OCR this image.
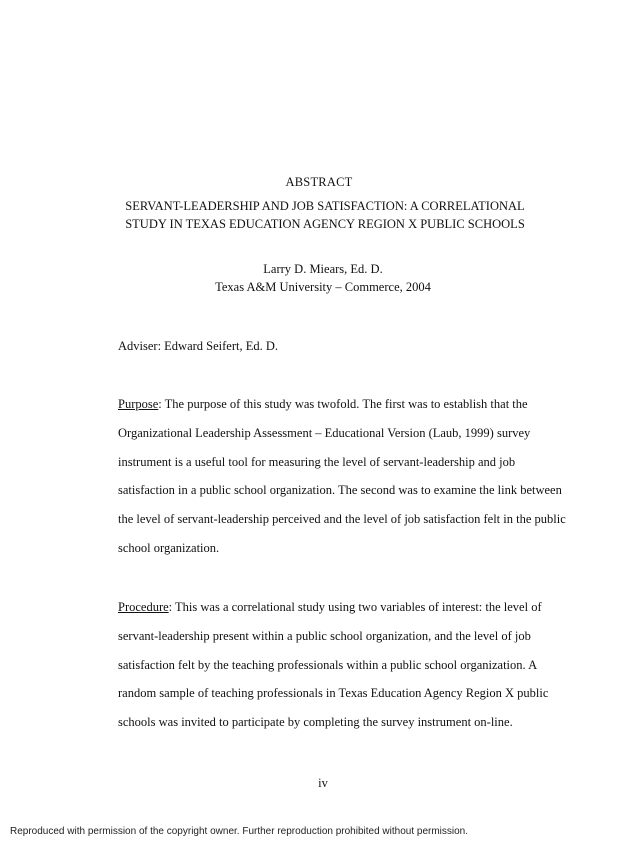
ABSTRACT
SERVANT-LEADERSHIP AND JOB SATISFACTION: A CORRELATIONAL
STUDY IN TEXAS EDUCATION AGENCY REGION X PUBLIC SCHOOLS
Larry D. Miears, Ed. D.
Texas A&M University – Commerce, 2004
Adviser: Edward Seifert, Ed. D.
Purpose: The purpose of this study was twofold. The first was to establish that the
Organizational Leadership Assessment – Educational Version (Laub, 1999) survey
instrument is a useful tool for measuring the level of servant-leadership and job
satisfaction in a public school organization. The second was to examine the link between
the level of servant-leadership perceived and the level of job satisfaction felt in the public
school organization.
Procedure: This was a correlational study using two variables of interest: the level of
servant-leadership present within a public school organization, and the level of job
satisfaction felt by the teaching professionals within a public school organization. A
random sample of teaching professionals in Texas Education Agency Region X public
schools was invited to participate by completing the survey instrument on-line.
iv
Reproduced with permission of the copyright owner. Further reproduction prohibited without permission.
